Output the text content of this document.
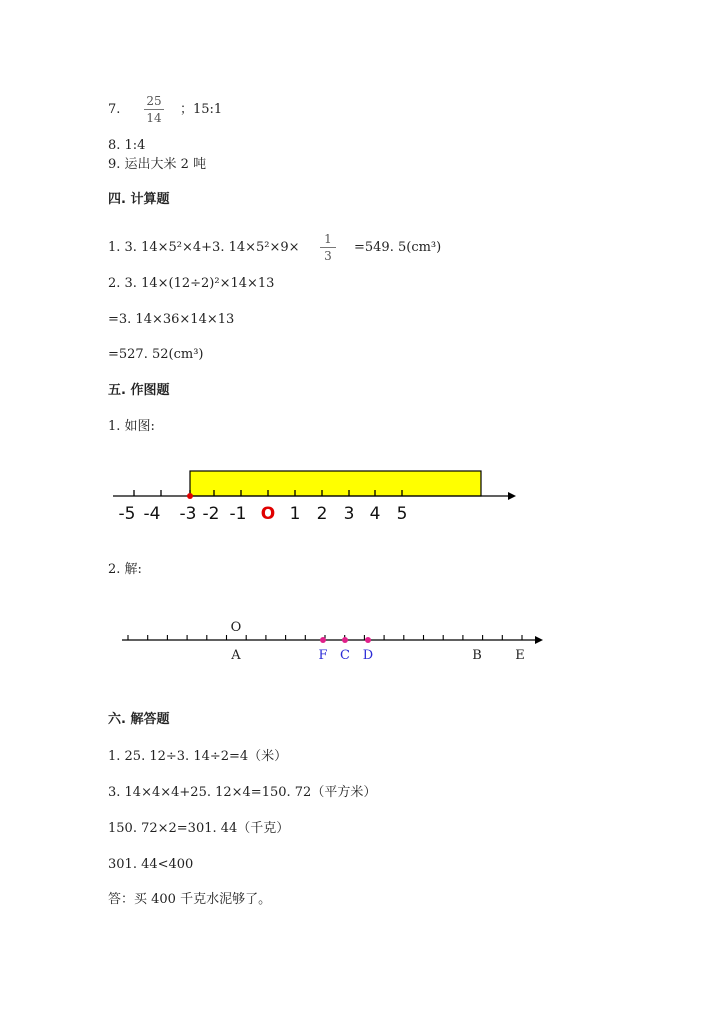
7.
25
14
；15:1
8. 1:4
9. 运出大米 2 吨
四. 计算题
1. 3. 14×5²×4+3. 14×5²×9×
1
3
=549. 5(cm³)
2. 3. 14×(12÷2)²×14×13
=3. 14×36×14×13
=527. 52(cm³)
五. 作图题
1. 如图:
-5 -4 -3 -2 -1 O 1 2 3 4 5
2. 解:
O
A	F C D	B	E
六. 解答题
1. 25. 12÷3. 14÷2=4（米）
3. 14×4×4+25. 12×4=150. 72（平方米）
150. 72×2=301. 44（千克）
301. 44<400
答：买 400 千克水泥够了。
